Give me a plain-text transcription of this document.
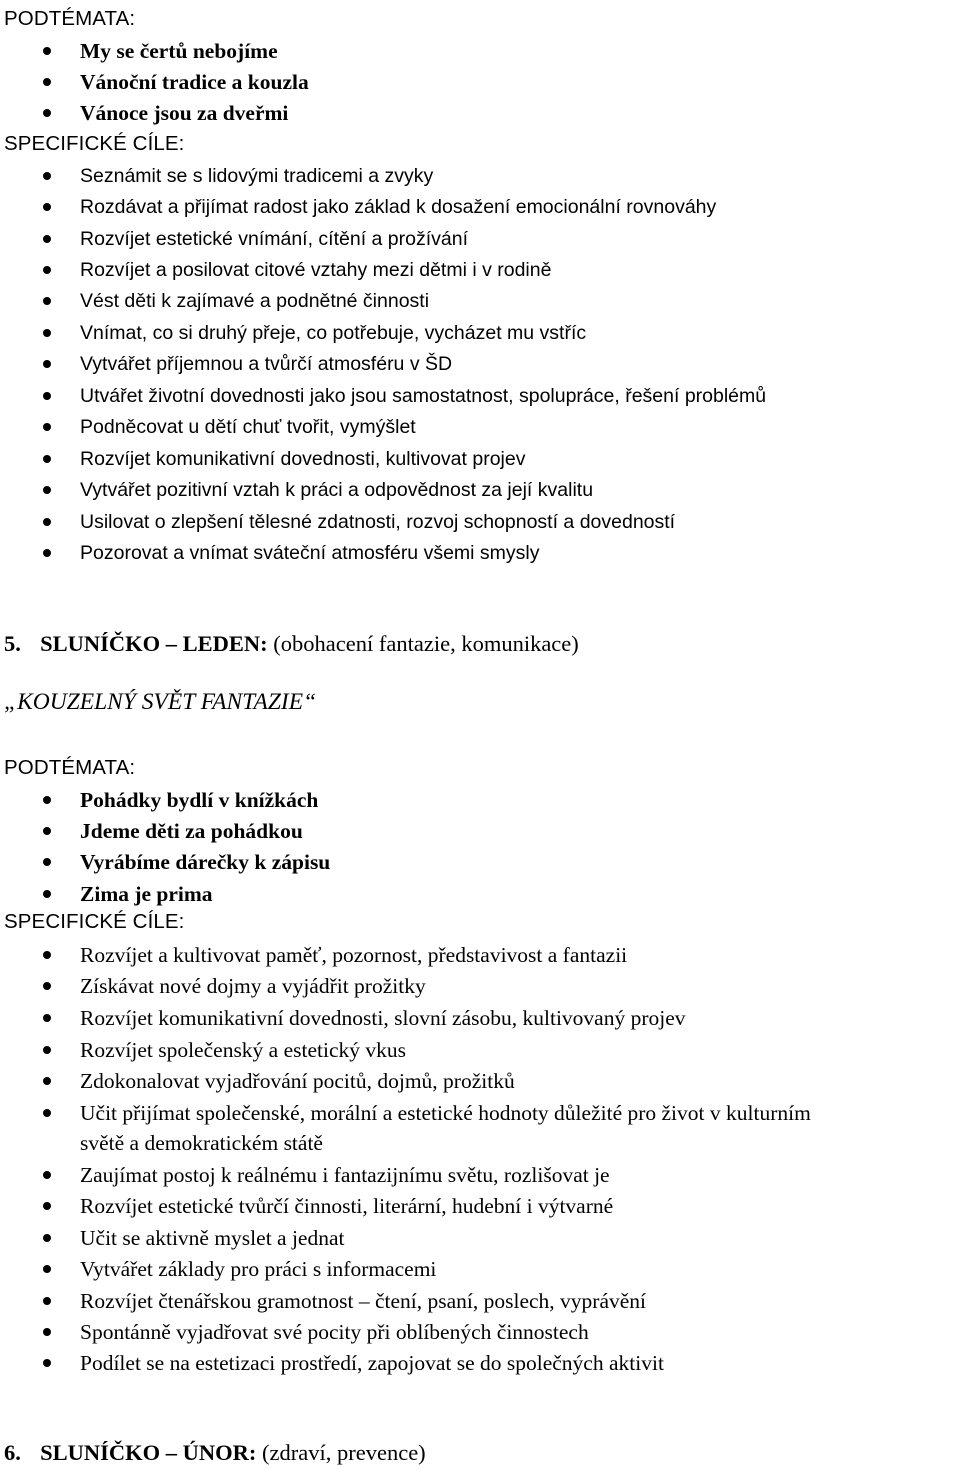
PODTÉMATA:
My se čertů nebojíme
Vánoční tradice a kouzla
Vánoce jsou za dveřmi
SPECIFICKÉ CÍLE:
Seznámit se s lidovými tradicemi a zvyky
Rozdávat a přijímat radost jako základ k dosažení emocionální rovnováhy
Rozvíjet estetické vnímání, cítění a prožívání
Rozvíjet a posilovat citové vztahy mezi dětmi i v rodině
Vést děti k zajímavé a podnětné činnosti
Vnímat, co si druhý přeje, co potřebuje, vycházet mu vstříc
Vytvářet příjemnou a tvůrčí atmosféru v ŠD
Utvářet životní dovednosti jako jsou samostatnost, spolupráce, řešení problémů
Podněcovat u dětí chuť tvořit, vymýšlet
Rozvíjet komunikativní dovednosti, kultivovat projev
Vytvářet pozitivní vztah k práci a odpovědnost za její kvalitu
Usilovat o zlepšení tělesné zdatnosti, rozvoj schopností a dovedností
Pozorovat a vnímat sváteční atmosféru všemi smysly
5. SLUNÍČKO – LEDEN: (obohacení fantazie, komunikace)
„KOUZELNÝ SVĚT FANTAZIE“
PODTÉMATA:
Pohádky bydlí v knížkách
Jdeme děti za pohádkou
Vyrábíme dárečky k zápisu
Zima je prima
SPECIFICKÉ CÍLE:
Rozvíjet a kultivovat paměť, pozornost, představivost a fantazii
Získávat nové dojmy a vyjádřit prožitky
Rozvíjet komunikativní dovednosti, slovní zásobu, kultivovaný projev
Rozvíjet společenský a estetický vkus
Zdokonalovat vyjadřování pocitů, dojmů, prožitků
Učit přijímat společenské, morální a estetické hodnoty důležité pro život v kulturním
světě a demokratickém státě
Zaujímat postoj k reálnému i fantazijnímu světu, rozlišovat je
Rozvíjet estetické tvůrčí činnosti, literární, hudební i výtvarné
Učit se aktivně myslet a jednat
Vytvářet základy pro práci s informacemi
Rozvíjet čtenářskou gramotnost – čtení, psaní, poslech, vyprávění
Spontánně vyjadřovat své pocity při oblíbených činnostech
Podílet se na estetizaci prostředí, zapojovat se do společných aktivit
6. SLUNÍČKO – ÚNOR: (zdraví, prevence)
